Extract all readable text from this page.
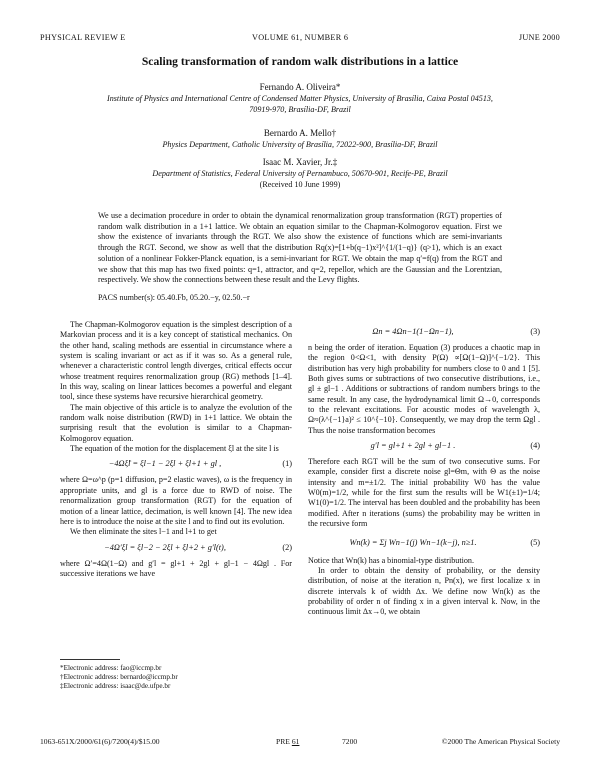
PHYSICAL REVIEW E	VOLUME 61, NUMBER 6	JUNE 2000
Scaling transformation of random walk distributions in a lattice
Fernando A. Oliveira*
Institute of Physics and International Centre of Condensed Matter Physics, University of Brasília, Caixa Postal 04513,
70919-970, Brasília-DF, Brazil
Bernardo A. Mello†
Physics Department, Catholic University of Brasília, 72022-900, Brasília-DF, Brazil
Isaac M. Xavier, Jr.‡
Department of Statistics, Federal University of Pernambuco, 50670-901, Recife-PE, Brazil
(Received 10 June 1999)
We use a decimation procedure in order to obtain the dynamical renormalization group transformation (RGT) properties of random walk distribution in a 1+1 lattice. We obtain an equation similar to the Chapman-Kolmogorov equation. First we show the existence of invariants through the RGT. We also show the existence of functions which are semi-invariants through the RGT. Second, we show as well that the distribution Rq(x)=[1+b(q−1)x²]^{1/(1−q)} (q>1), which is an exact solution of a nonlinear Fokker-Planck equation, is a semi-invariant for RGT. We obtain the map q′=f(q) from the RGT and we show that this map has two fixed points: q=1, attractor, and q=2, repellor, which are the Gaussian and the Lorentzian, respectively. We show the connections between these result and the Levy flights.
PACS number(s): 05.40.Fb, 05.20.−y, 02.50.−r

The Chapman-Kolmogorov equation is the simplest description of a Markovian process and it is a key concept of statistical mechanics. On the other hand, scaling methods are essential in circumstance where a system is scaling invariant or act as if it was so. As a general rule, whenever a characteristic control length diverges, critical effects occur whose treatment requires renormalization group (RG) methods [1–4]. In this way, scaling on linear lattices becomes a powerful and elegant tool, since these systems have recursive hierarchical geometry.

The main objective of this article is to analyze the evolution of the random walk noise distribution (RWD) in 1+1 lattice. We obtain the surprising result that the evolution is similar to a Chapman-Kolmogorov equation.

The equation of the motion for the displacement ξl at the site l is

−4Ωξ̈l = ξl−1 − 2ξl + ξl+1 + gl ,	(1)

where Ω=ω^p (p=1 diffusion, p=2 elastic waves), ω is the frequency in appropriate units, and gl is a force due to RWD of noise. The renormalization group transformation (RGT) for the equation of motion of a linear lattice, decimation, is well known [4]. The new idea here is to introduce the noise at the site l and to find out its evolution.

We then eliminate the sites l−1 and l+1 to get

−4Ω′ξl = ξl−2 − 2ξl + ξl+2 + g′l(t),	(2)

where Ω′=4Ω(1−Ω) and g′l = gl+1 + 2gl + gl−1 − 4Ωgl . For successive iterations we have

*Electronic address: fao@iccmp.br
†Electronic address: bernardo@iccmp.br
‡Electronic address: isaac@de.ufpe.br
Ωn = 4Ωn−1(1−Ωn−1),	(3)

n being the order of iteration. Equation (3) produces a chaotic map in the region 0<Ω<1, with density P(Ω) ∝[Ω(1−Ω)]^{−1/2}. This distribution has very high probability for numbers close to 0 and 1 [5]. Both gives sums or subtractions of two consecutive distributions, i.e., gl ± gl−1 . Additions or subtractions of random numbers brings to the same result. In any case, the hydrodynamical limit Ω→0, corresponds to the relevant excitations. For acoustic modes of wavelength λ, Ω≈(λ^{−1}a)² ≤ 10^{−10}. Consequently, we may drop the term Ωgl . Thus the noise transformation becomes

g′l = gl+1 + 2gl + gl−1 .	(4)

Therefore each RGT will be the sum of two consecutive sums. For example, consider first a discrete noise gl=Θm, with Θ as the noise intensity and m=±1/2. The initial probability W0 has the value W0(m)=1/2, while for the first sum the results will be W1(±1)=1/4; W1(0)=1/2. The interval has been doubled and the probability has been modified. After n iterations (sums) the probability may be written in the recursive form

Wn(k) = Σj Wn−1(j) Wn−1(k−j), n≥1.	(5)

Notice that Wn(k) has a binomial-type distribution.

In order to obtain the density of probability, or the density distribution, of noise at the iteration n, Pn(x), we first localize x in discrete intervals k of width Δx. We define now Wn(k) as the probability of order n of finding x in a given interval k. Now, in the continuous limit Δx→0, we obtain

1063-651X/2000/61(6)/7200(4)/$15.00	PRE 61	7200	©2000 The American Physical Society
